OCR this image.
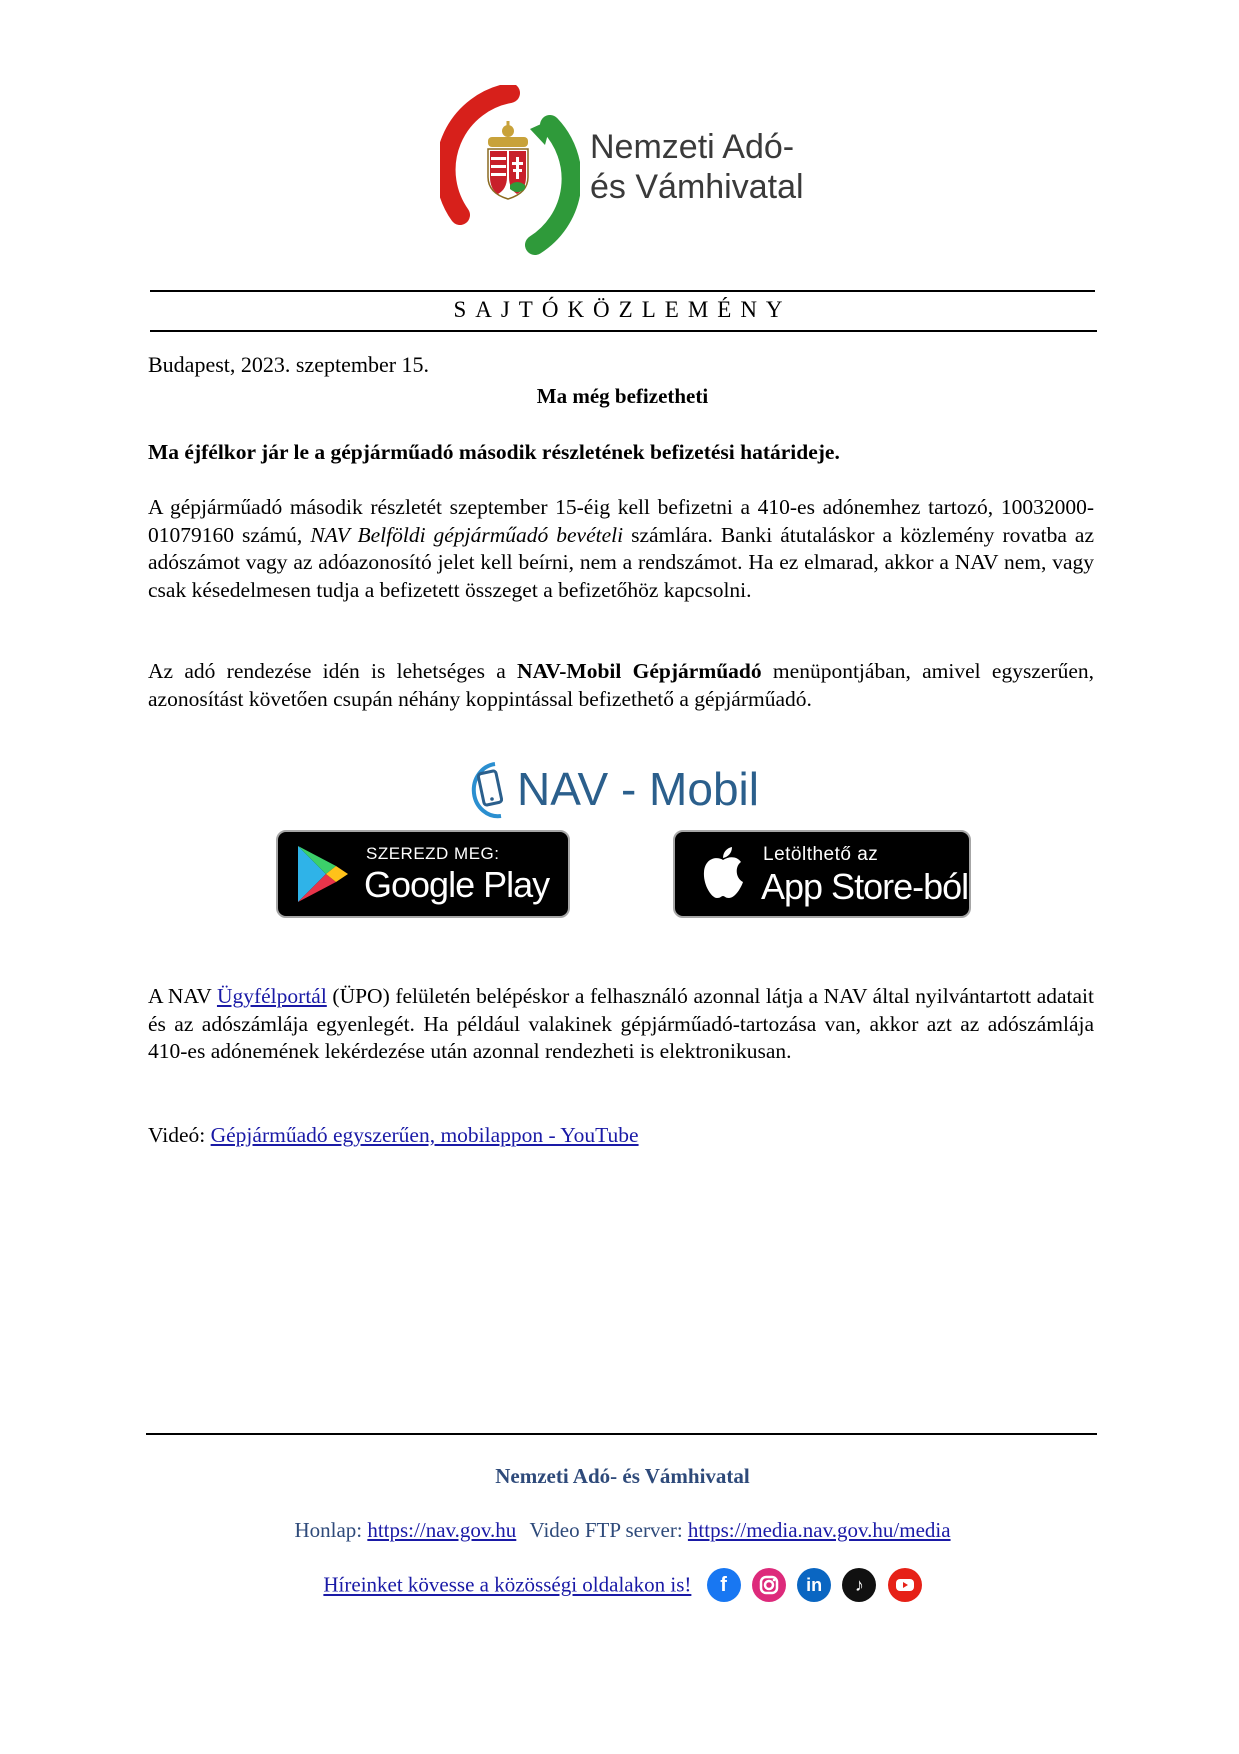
Nemzeti Adó-
és Vámhivatal
SAJTÓKÖZLEMÉNY
Budapest, 2023. szeptember 15.
Ma még befizetheti
Ma éjfélkor jár le a gépjárműadó második részletének befizetési határideje.
A gépjárműadó második részletét szeptember 15-éig kell befizetni a 410-es adónemhez tartozó, 10032000-01079160 számú, NAV Belföldi gépjárműadó bevételi számlára. Banki átutaláskor a közlemény rovatba az adószámot vagy az adóazonosító jelet kell beírni, nem a rendszámot. Ha ez elmarad, akkor a NAV nem, vagy csak késedelmesen tudja a befizetett összeget a befizetőhöz kapcsolni.
Az adó rendezése idén is lehetséges a NAV-Mobil Gépjárműadó menüpontjában, amivel egyszerűen, azonosítást követően csupán néhány koppintással befizethető a gépjárműadó.
NAV - Mobil
SZEREZD MEG:
Google Play
Letölthető az
App Store-ból
A NAV Ügyfélportál (ÜPO) felületén belépéskor a felhasználó azonnal látja a NAV által nyilvántartott adatait és az adószámlája egyenlegét. Ha például valakinek gépjárműadó-tartozása van, akkor azt az adószámlája 410-es adónemének lekérdezése után azonnal rendezheti is elektronikusan.
Videó: Gépjárműadó egyszerűen, mobilappon - YouTube
Nemzeti Adó- és Vámhivatal
Honlap: https://nav.gov.hu Video FTP server: https://media.nav.gov.hu/media
Híreinket kövesse a közösségi oldalakon is! f	in ♪
